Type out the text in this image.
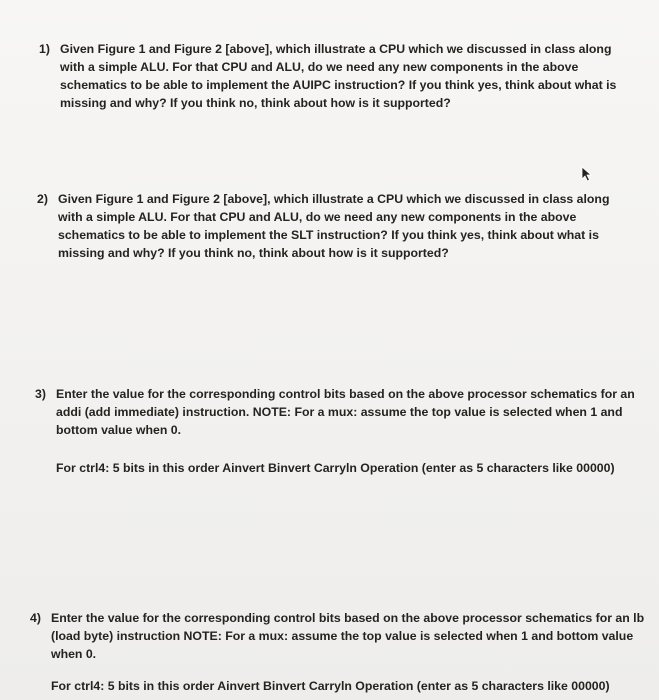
1) Given Figure 1 and Figure 2 [above], which illustrate a CPU which we discussed in class along with a simple ALU. For that CPU and ALU, do we need any new components in the above schematics to be able to implement the AUIPC instruction? If you think yes, think about what is missing and why? If you think no, think about how is it supported?
2) Given Figure 1 and Figure 2 [above], which illustrate a CPU which we discussed in class along with a simple ALU. For that CPU and ALU, do we need any new components in the above schematics to be able to implement the SLT instruction? If you think yes, think about what is missing and why? If you think no, think about how is it supported?
3) Enter the value for the corresponding control bits based on the above processor schematics for an addi (add immediate) instruction. NOTE: For a mux: assume the top value is selected when 1 and bottom value when 0.
For ctrl4: 5 bits in this order Ainvert Binvert Carryln Operation (enter as 5 characters like 00000)
4) Enter the value for the corresponding control bits based on the above processor schematics for an lb (load byte) instruction NOTE: For a mux: assume the top value is selected when 1 and bottom value when 0.
For ctrl4: 5 bits in this order Ainvert Binvert Carryln Operation (enter as 5 characters like 00000)
